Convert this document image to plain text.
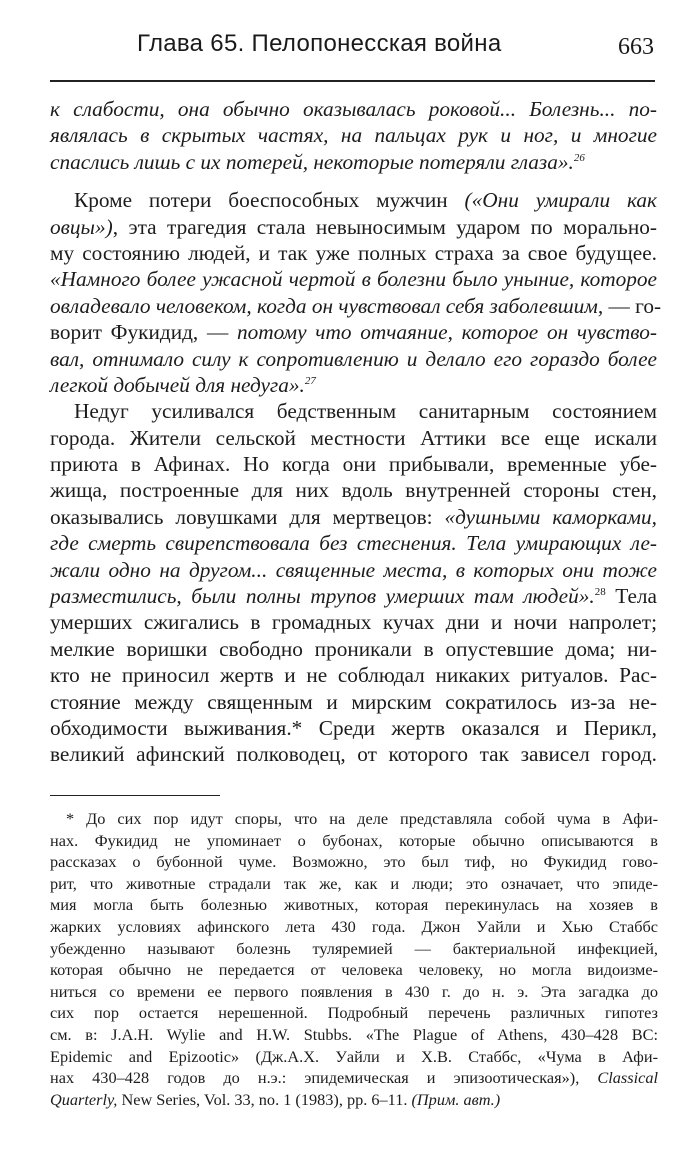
Глава 65. Пелопонесская война	663
к слабости, она обычно оказывалась роковой... Болезнь... по-
являлась в скрытых частях, на пальцах рук и ног, и многие
спаслись лишь с их потерей, некоторые потеряли глаза».$^{26}$
Кроме потери боеспособных мужчин («Они умирали как
овцы»), эта трагедия стала невыносимым ударом по морально-
му состоянию людей, и так уже полных страха за свое будущее.
«Намного более ужасной чертой в болезни было уныние, которое
овладевало человеком, когда он чувствовал себя заболевшим, — го-
ворит Фукидид, — потому что отчаяние, которое он чувство-
вал, отнимало силу к сопротивлению и делало его гораздо более
легкой добычей для недуга».$^{27}$
Недуг усиливался бедственным санитарным состоянием
города. Жители сельской местности Аттики все еще искали
приюта в Афинах. Но когда они прибывали, временные убе-
жища, построенные для них вдоль внутренней стороны стен,
оказывались ловушками для мертвецов: «душными каморками,
где смерть свирепствовала без стеснения. Тела умирающих ле-
жали одно на другом... священные места, в которых они тоже
разместились, были полны трупов умерших там людей».$^{28}$ Тела
умерших сжигались в громадных кучах дни и ночи напролет;
мелкие воришки свободно проникали в опустевшие дома; ни-
кто не приносил жертв и не соблюдал никаких ритуалов. Рас-
стояние между священным и мирским сократилось из-за не-
обходимости выживания.* Среди жертв оказался и Перикл,
великий афинский полководец, от которого так зависел город.
* До сих пор идут споры, что на деле представляла собой чума в Афи-
нах. Фукидид не упоминает о бубонах, которые обычно описываются в
рассказах о бубонной чуме. Возможно, это был тиф, но Фукидид гово-
рит, что животные страдали так же, как и люди; это означает, что эпиде-
мия могла быть болезнью животных, которая перекинулась на хозяев в
жарких условиях афинского лета 430 года. Джон Уайли и Хью Стаббс
убежденно называют болезнь туляремией — бактериальной инфекцией,
которая обычно не передается от человека человеку, но могла видоизме-
ниться со времени ее первого появления в 430 г. до н. э. Эта загадка до
сих пор остается нерешенной. Подробный перечень различных гипотез
см. в: J.A.H. Wylie and H.W. Stubbs. «The Plague of Athens, 430–428 BC:
Epidemic and Epizootic» (Дж.А.Х. Уайли и Х.В. Стаббс, «Чума в Афи-
нах 430–428 годов до н.э.: эпидемическая и эпизоотическая»), Classical
Quarterly, New Series, Vol. 33, no. 1 (1983), pp. 6–11. (Прим. авт.)
